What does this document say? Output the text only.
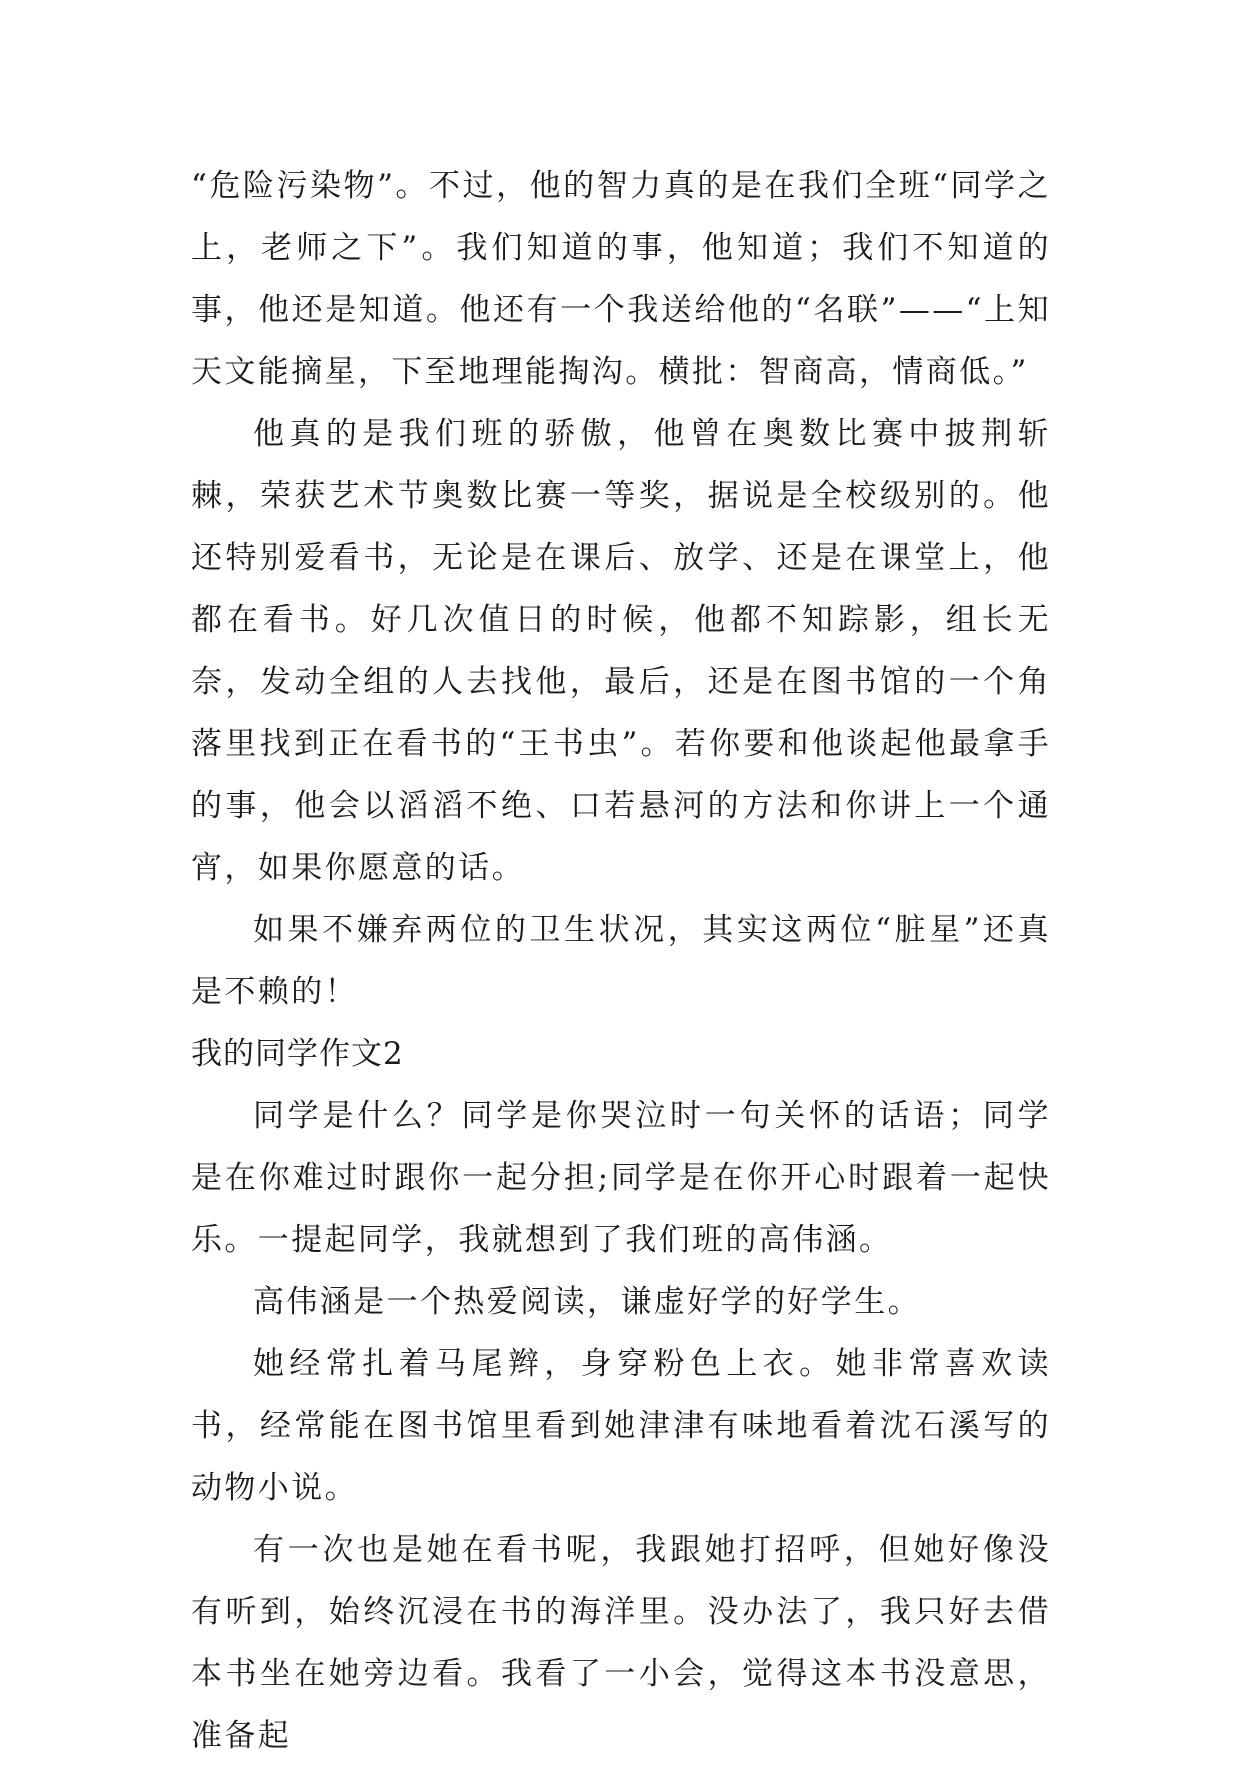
“危险污染物”。不过，他的智力真的是在我们全班“同学之上，老师之下”。我们知道的事，他知道；我们不知道的事，他还是知道。他还有一个我送给他的“名联”——“上知天文能摘星，下至地理能掏沟。横批：智商高，情商低。”

他真的是我们班的骄傲，他曾在奥数比赛中披荆斩棘，荣获艺术节奥数比赛一等奖，据说是全校级别的。他还特别爱看书，无论是在课后、放学、还是在课堂上，他都在看书。好几次值日的时候，他都不知踪影，组长无奈，发动全组的人去找他，最后，还是在图书馆的一个角落里找到正在看书的“王书虫”。若你要和他谈起他最拿手的事，他会以滔滔不绝、口若悬河的方法和你讲上一个通宵，如果你愿意的话。

如果不嫌弃两位的卫生状况，其实这两位“脏星”还真是不赖的！

我的同学作文2

同学是什么？同学是你哭泣时一句关怀的话语；同学是在你难过时跟你一起分担;同学是在你开心时跟着一起快乐。一提起同学，我就想到了我们班的高伟涵。

高伟涵是一个热爱阅读，谦虚好学的好学生。

她经常扎着马尾辫，身穿粉色上衣。她非常喜欢读书，经常能在图书馆里看到她津津有味地看着沈石溪写的动物小说。

有一次也是她在看书呢，我跟她打招呼，但她好像没有听到，始终沉浸在书的海洋里。没办法了，我只好去借本书坐在她旁边看。我看了一小会，觉得这本书没意思，准备起
